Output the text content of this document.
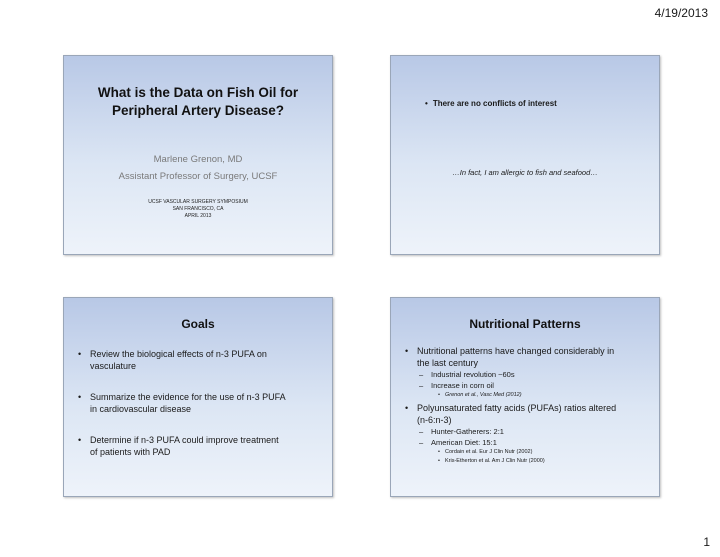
4/19/2013
What is the Data on Fish Oil for
Peripheral Artery Disease?
Marlene Grenon, MD
Assistant Professor of Surgery, UCSF
UCSF VASCULAR SURGERY SYMPOSIUM
SAN FRANCISCO, CA
APRIL 2013
• There are no conflicts of interest
…In fact, I am allergic to fish and seafood…
Goals
• Review the biological effects of n-3 PUFA on
vasculature
• Summarize the evidence for the use of n-3 PUFA
in cardiovascular disease
• Determine if n-3 PUFA could improve treatment
of patients with PAD
Nutritional Patterns
• Nutritional patterns have changed considerably in
the last century
– Industrial revolution ~60s
– Increase in corn oil
• Grenon et al., Vasc Med (2012)
• Polyunsaturated fatty acids (PUFAs) ratios altered
(n-6:n-3)
– Hunter-Gatherers: 2:1
– American Diet: 15:1
• Cordain et al. Eur J Clin Nutr (2002)
• Kris-Etherton et al. Am J Clin Nutr (2000)
1
